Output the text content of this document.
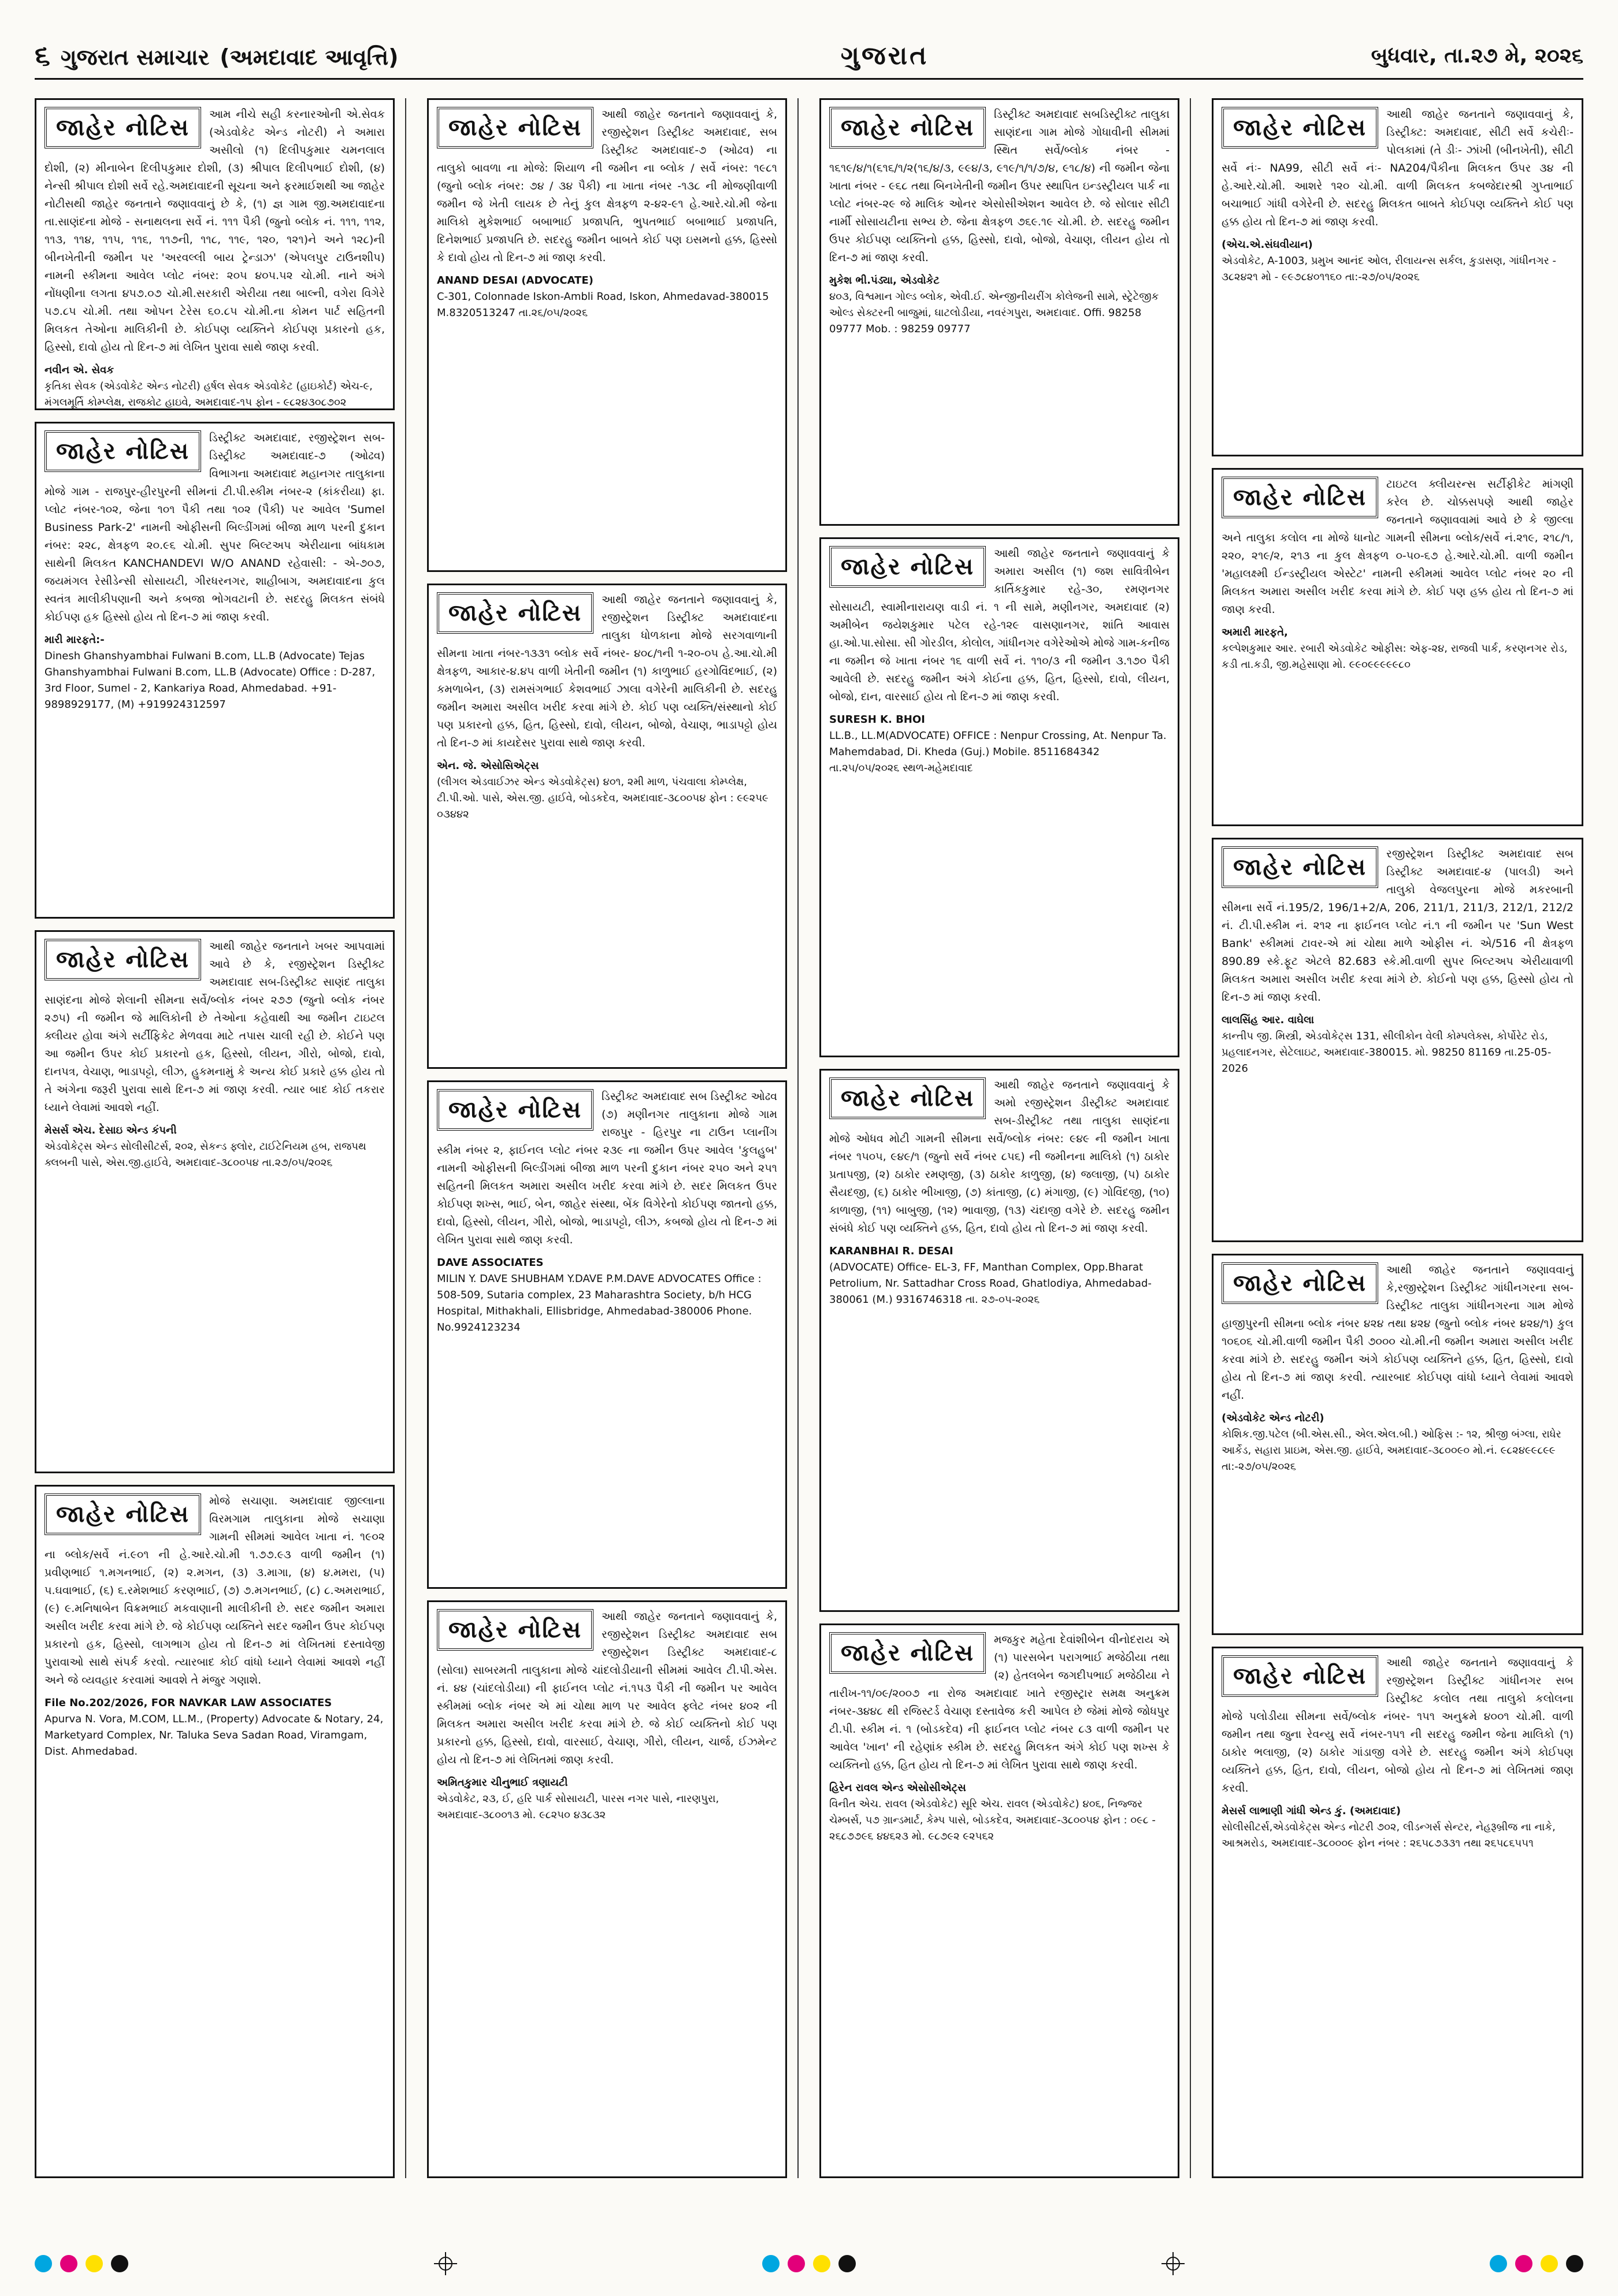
૬ ગુજરાત સમાચાર (અમદાવાદ આવૃત્તિ)	ગુજરાત	બુધવાર, તા.૨૭ મે, ૨૦૨૬
જાહેર નોટિસ	આમ નીચે સહી કરનારઓની એ.સેવક (એડવોકેટ એન્ડ નોટરી) ને અમારા અસીલો (૧) દિલીપકુમાર ચમનલાલ દોશી, (૨) મીનાબેન દિલીપકુમાર દોશી, (૩) શ્રીપાલ દિલીપભાઈ દોશી, (૪) નેન્સી શ્રીપાલ દોશી સર્વે રહે.અમદાવાદની સૂચના અને ફરમાઈશથી આ જાહેર નોટીસથી જાહેર જનતાને જણાવવાનું છે કે, (૧) જ્ઞ ગામ જી.અમદાવાદના તા.સાણંદના મોજે - સનાથલના સર્વે નં. ૧૧૧ પૈકી (જુનો બ્લોક નં. ૧૧૧, ૧૧૨, ૧૧૩, ૧૧૪, ૧૧૫, ૧૧૬, ૧૧૭ની, ૧૧૮, ૧૧૯, ૧૨૦, ૧૨૧)ને અને ૧૨૮)ની બીનખેતીની જમીન પર 'અરવલ્લી બાય ટ્રેન્ડાઝ' (એપલપુર ટાઉનશીપ) નામની સ્કીમના આવેલ પ્લોટ નંબર: ૨૦૫ ૪૦૫.૫૨ ચો.મી. નાને અંગે નોંધણીના લગતા ૪૫૭.૦૭ ચો.મી.સરકારી એરીયા તથા બાલ્ની, વગેરા વિગેરે ૫૭.૮૫ ચો.મી. તથા ઓપન ટેરેસ ૬૦.૮૫ ચો.મી.ના કોમન પાર્ટ સહિતની મિલકત તેઓના માલિકીની છે. કોઈપણ વ્યક્તિને કોઈપણ પ્રકારનો હક, હિસ્સો, દાવો હોય તો દિન-૭ માં લેખિત પુરાવા સાથે જાણ કરવી.
નવીન એ. સેવક
કૃતિકા સેવક (એડવોકેટ એન્ડ નોટરી) હર્ષલ સેવક એડવોકેટ (હાઇકોર્ટ) એચ-૯, મંગલમૂર્તિ કોમ્પ્લેક્ષ, રાજકોટ હાઇવે, અમદાવાદ-૧૫ ફોન - ૯૮૨૪૩૦૮૭૦૨
જાહેર નોટિસ	ડિસ્ટ્રીક્ટ અમદાવાદ, રજીસ્ટ્રેશન સબ-ડિસ્ટ્રીક્ટ અમદાવાદ-૭ (ઓઢવ) વિભાગના અમદાવાદ મહાનગર તાલુકાના મોજે ગામ - રાજપુર-હીરપુરની સીમનાં ટી.પી.સ્કીમ નંબર-૨ (કાંકરીયા) ફા. પ્લોટ નંબર-૧૦૨, જેના ૧૦૧ પૈકી તથા ૧૦૨ (પૈકી) પર આવેલ 'Sumel Business Park-2' નામની ઓફીસની બિલ્ડીંગમાં બીજા માળ પરની દુકાન નંબર: ૨૨૮, ક્ષેત્રફળ ૨૦.૯૬ ચો.મી. સુપર બિલ્ટઅપ એરીયાના બાંધકામ સાથેની મિલકત KANCHANDEVI W/O ANAND રહેવાસી: - એ-૭૦૭, જયમંગલ રેસીડેન્સી સોસાયટી, ગીરધરનગર, શાહીબાગ, અમદાવાદના કુલ સ્વતંત્ર માલીકીપણાની અને કબજા ભોગવટાની છે. સદરહુ મિલકત સંબંધે કોઈપણ હક હિસ્સો હોય તો દિન-૭ માં જાણ કરવી.
મારી મારફતે:-
Dinesh Ghanshyambhai Fulwani B.com, LL.B (Advocate) Tejas Ghanshyambhai Fulwani B.com, LL.B (Advocate) Office : D-287, 3rd Floor, Sumel - 2, Kankariya Road, Ahmedabad. +91-9898929177, (M) +919924312597
જાહેર નોટિસ	આથી જાહેર જનતાને ખબર આપવામાં આવે છે કે, રજીસ્ટ્રેશન ડિસ્ટ્રીક્ટ અમદાવાદ સબ-ડિસ્ટ્રીક્ટ સાણંદ તાલુકા સાણંદના મોજે શેલાની સીમના સર્વે/બ્લોક નંબર ૨૭૭ (જુનો બ્લોક નંબર ૨૭૫) ની જમીન જે માલિકોની છે તેઓના કહેવાથી આ જમીન ટાઇટલ ક્લીયર હોવા અંગે સર્ટીફિકેટ મેળવવા માટે તપાસ ચાલી રહી છે. કોઈને પણ આ જમીન ઉપર કોઈ પ્રકારનો હક, હિસ્સો, લીયન, ગીરો, બોજો, દાવો, દાનપત્ર, વેચાણ, ભાડાપટ્ટો, લીઝ, હુકમનામું કે અન્ય કોઈ પ્રકારે હક્ક હોય તો તે અંગેના જરૂરી પુરાવા સાથે દિન-૭ માં જાણ કરવી. ત્યાર બાદ કોઈ તકરાર ધ્યાને લેવામાં આવશે નહીં.
મેસર્સ એચ. દેસાઇ એન્ડ કંપની
એડવોકેટ્સ એન્ડ સોલીસીટર્સ, ૨૦૨, સેકન્ડ ફ્લોર, ટાઈટેનિયમ હબ, રાજપથ ક્લબની પાસે, એસ.જી.હાઈવે, અમદાવાદ-૩૮૦૦૫૪ તા.૨૭/૦૫/૨૦૨૬
જાહેર નોટિસ	મોજે સચાણા. અમદાવાદ જીલ્લાના વિરમગામ તાલુકાના મોજે સચાણા ગામની સીમમાં આવેલ ખાતા નં. ૧૯૦૨ ના બ્લોક/સર્વે નં.૯૦૧ ની હે.આરે.ચો.મી ૧.૭૭.૯૩ વાળી જમીન (૧) પ્રવીણભાઈ ૧.મગનભાઈ, (૨) ૨.મગન, (૩) ૩.માગા, (૪) ૪.મમરા, (૫) ૫.ઘવાભાઈ, (૬) ૬.રમેશભાઈ કરણભાઈ, (૭) ૭.મગનભાઈ, (૮) ૮.અમરાભાઈ, (૯) ૯.મનિષાબેન વિક્રમભાઈ મકવાણાની માલીકીની છે. સદર જમીન અમારા અસીલ ખરીદ કરવા માંગે છે. જે કોઈપણ વ્યક્તિને સદર જમીન ઉપર કોઈપણ પ્રકારનો હક, હિસ્સો, લાગભાગ હોય તો દિન-૭ માં લેખિતમાં દસ્તાવેજી પુરાવાઓ સાથે સંપર્ક કરવો. ત્યારબાદ કોઈ વાંધો ધ્યાને લેવામાં આવશે નહીં અને જે વ્યવહાર કરવામાં આવશે તે મંજુર ગણાશે.
File No.202/2026, FOR NAVKAR LAW ASSOCIATES
Apurva N. Vora, M.COM, LL.M., (Property) Advocate & Notary, 24, Marketyard Complex, Nr. Taluka Seva Sadan Road, Viramgam, Dist. Ahmedabad.
જાહેર નોટિસ	આથી જાહેર જનતાને જણાવવાનું કે, રજીસ્ટ્રેશન ડિસ્ટ્રીક્ટ અમદાવાદ, સબ ડિસ્ટ્રીક્ટ અમદાવાદ-૭ (ઓઢવ) ના તાલુકો બાવળા ના મોજે: શિયાળ ની જમીન ના બ્લોક / સર્વે નંબર: ૧૯૮૧ (જુનો બ્લોક નંબર: ૭૪ / ૩૪ પૈકી) ના ખાતા નંબર -૧૩૮ ની મોજણીવાળી જમીન જે ખેતી લાયક છે તેનું કુલ ક્ષેત્રફળ ૨-૪૨-૯૧ હે.આરે.ચો.મી જેના માલિકો મુકેશભાઈ બબાભાઈ પ્રજાપતિ, ભુપતભાઈ બબાભાઈ પ્રજાપતિ, દિનેશભાઈ પ્રજાપતિ છે. સદરહુ જમીન બાબતે કોઈ પણ ઇસમનો હક્ક, હિસ્સો કે દાવો હોય તો દિન-૭ માં જાણ કરવી.
ANAND DESAI (ADVOCATE)
C-301, Colonnade Iskon-Ambli Road, Iskon, Ahmedavad-380015 M.8320513247 તા.૨૬/૦૫/૨૦૨૬
જાહેર નોટિસ	આથી જાહેર જનતાને જણાવવાનું કે, રજીસ્ટ્રેશન ડિસ્ટ્રીક્ટ અમદાવાદના તાલુકા ધોળકાના મોજે સરગવાળાની સીમના ખાતા નંબર-૧૩૩૧ બ્લોક સર્વે નંબર- ૪૦૮/૧ની ૧-૨૦-૦૫ હે.આ.ચો.મી ક્ષેત્રફળ, આકાર-૪.૪૫ વાળી ખેતીની જમીન (૧) કાળુભાઈ હરગોવિંદભાઈ, (૨) કમળાબેન, (૩) રામસંગભાઈ કેશવભાઈ ઝાલા વગેરેની માલિકીની છે. સદરહુ જમીન અમારા અસીલ ખરીદ કરવા માંગે છે. કોઈ પણ વ્યક્તિ/સંસ્થાનો કોઈ પણ પ્રકારનો હક્ક, હિત, હિસ્સો, દાવો, લીયન, બોજો, વેચાણ, ભાડાપટ્ટો હોય તો દિન-૭ માં કાયદેસર પુરાવા સાથે જાણ કરવી.
એન. જે. એસોસિએટ્સ
(લીગલ એડવાઈઝર એન્ડ એડવોકેટ્સ) ૪૦૧, ૨મી માળ, પંચવાલા કોમ્પ્લેક્ષ, ટી.પી.ઓ. પાસે, એસ.જી. હાઈવે, બોડકદેવ, અમદાવાદ-૩૮૦૦૫૪ ફોન : ૯૯૨૫૯ ૦૩૪૪૨
જાહેર નોટિસ	ડિસ્ટ્રીક્ટ અમદાવાદ સબ ડિસ્ટ્રીક્ટ ઓઢવ (૭) મણીનગર તાલુકાના મોજે ગામ રાજપુર - હિરપુર ના ટાઉન પ્લાનીંગ સ્કીમ નંબર ૨, ફાઈનલ પ્લોટ નંબર ૨૩૯ ના જમીન ઉપર આવેલ 'કુલહુબ' નામની ઓફીસની બિલ્ડીંગમાં બીજા માળ પરની દુકાન નંબર ૨૫૦ અને ૨૫૧ સહિતની મિલકત અમારા અસીલ ખરીદ કરવા માંગે છે. સદર મિલકત ઉપર કોઈપણ શખ્સ, ભાઈ, બેન, જાહેર સંસ્થા, બેંક વિગેરેનો કોઈપણ જાતનો હક્ક, દાવો, હિસ્સો, લીયન, ગીરો, બોજો, ભાડાપટ્ટો, લીઝ, કબજો હોય તો દિન-૭ માં લેખિત પુરાવા સાથે જાણ કરવી.
DAVE ASSOCIATES
MILIN Y. DAVE SHUBHAM Y.DAVE P.M.DAVE ADVOCATES Office : 508-509, Sutaria complex, 23 Maharashtra Society, b/h HCG Hospital, Mithakhali, Ellisbridge, Ahmedabad-380006 Phone. No.9924123234
જાહેર નોટિસ	આથી જાહેર જનતાને જણાવવાનું કે, રજીસ્ટ્રેશન ડિસ્ટ્રીક્ટ અમદાવાદ સબ રજીસ્ટ્રેશન ડિસ્ટ્રીક્ટ અમદાવાદ-૮ (સોલા) સાબરમતી તાલુકાના મોજે ચાંદલોડીયાની સીમમાં આવેલ ટી.પી.એસ. નં. ૪૪ (ચાંદલોડીયા) ની ફાઈનલ પ્લોટ નં.૧૫૩ પૈકી ની જમીન પર આવેલ સ્કીમમાં બ્લોક નંબર એ માં ચોથા માળ પર આવેલ ફ્લેટ નંબર ૪૦૨ ની મિલકત અમારા અસીલ ખરીદ કરવા માંગે છે. જે કોઈ વ્યક્તિનો કોઈ પણ પ્રકારનો હક્ક, હિસ્સો, દાવો, વારસાઈ, વેચાણ, ગીરો, લીયન, ચાર્જ, ઈઝમેન્ટ હોય તો દિન-૭ માં લેખિતમાં જાણ કરવી.
અમિતકુમાર ચીનુભાઈ ત્રણાયટી
એડવોકેટ, ૨૩, ઈ, હરિ પાર્ક સોસાયટી, પારસ નગર પાસે, નારણપુરા, અમદાવાદ-૩૮૦૦૧૩ મો. ૯૮૨૫૦ ૪૩૮૩૨
જાહેર નોટિસ	ડિસ્ટ્રીક્ટ અમદાવાદ સબડિસ્ટ્રીક્ટ તાલુકા સાણંદના ગામ મોજે ગોધાવીની સીમમાં સ્થિત સર્વે/બ્લોક નંબર - ૧૬૧૯/૪/૧(૬૧૬/૧/૨(૧૬/૪/૩, ૯૯૪/૩, ૯૧૯/૧/૧/૭/૪, ૯૧૮/૪) ની જમીન જેના ખાતા નંબર - ૯૬૮ તથા બિનખેતીની જમીન ઉપર સ્થાપિત ઇન્ડસ્ટ્રીયલ પાર્ક ના પ્લોટ નંબર-૨૯ જે માલિક ઓનર એસોસીએશન આવેલ છે. જે સોલાર સીટી નાર્મી સોસાયટીના સભ્ય છે. જેના ક્ષેત્રફળ ૭૬૯.૧૯ ચો.મી. છે. સદરહુ જમીન ઉપર કોઈપણ વ્યક્તિનો હક્ક, હિસ્સો, દાવો, બોજો, વેચાણ, લીયન હોય તો દિન-૭ માં જાણ કરવી.
મુકેશ ભી.પંડ્યા, એડવોકેટ
૪૦૩, વિશ્વમાન ગોલ્ડ બ્લોક, એવી.ઈ. એન્જીનીયરીંગ કોલેજની સામે, સ્ટ્રેટેજીક ઓલ્ડ સેક્ટરની બાજુમાં, ઘાટલોડીયા, નવરંગપુરા, અમદાવાદ. Offi. 98258 09777 Mob. : 98259 09777
જાહેર નોટિસ	આથી જાહેર જનતાને જણાવવાનું કે અમારા અસીલ (૧) જશ સાવિત્રીબેન કાર્તિકકુમાર રહે-૩૦, રમણનગર સોસાયટી, સ્વામીનારાયણ વાડી નં. ૧ ની સામે, મણીનગર, અમદાવાદ (૨) અમીબેન જયેશકુમાર પટેલ રહે-૧૨૯ વાસણાનગર, શાંતિ આવાસ હા.ઓ.પા.સોસા. સી ગોરડીલ, કોલોલ, ગાંધીનગર વગેરેઓએ મોજે ગામ-કનીજ ના જમીન જે ખાતા નંબર ૧૬ વાળી સર્વે નં. ૧૧૦/૩ ની જમીન ૩.૧૭૦ પૈકી આવેલી છે. સદરહુ જમીન અંગે કોઈના હક્ક, હિત, હિસ્સો, દાવો, લીયન, બોજો, દાન, વારસાઈ હોય તો દિન-૭ માં જાણ કરવી.
SURESH K. BHOI
LL.B., LL.M(ADVOCATE) OFFICE : Nenpur Crossing, At. Nenpur Ta. Mahemdabad, Di. Kheda (Guj.) Mobile. 8511684342 તા.૨૫/૦૫/૨૦૨૬ સ્થળ-મહેમદાવાદ
જાહેર નોટિસ	આથી જાહેર જનતાને જણાવવાનું કે અમો રજીસ્ટ્રેશન ડીસ્ટ્રીક્ટ અમદાવાદ સબ-ડીસ્ટ્રીક્ટ તથા તાલુકા સાણંદના મોજે ઓધવ મોટી ગામની સીમના સર્વે/બ્લોક નંબર: ૯૪૯ ની જમીન ખાતા નંબર ૧૫૦૫, ૯૪૯/૧ (જુનો સર્વે નંબર ૮૫૬) ની જમીનના માલિકો (૧) ઠાકોર પ્રતાપજી, (૨) ઠાકોર રમણજી, (૩) ઠાકોર કાળુજી, (૪) જલાજી, (૫) ઠાકોર સૈયદજી, (૬) ઠાકોર ભીખાજી, (૭) કાંતાજી, (૮) મંગાજી, (૯) ગોવિંદજી, (૧૦) કાળાજી, (૧૧) બાબુજી, (૧૨) ભાવાજી, (૧૩) ચંદાજી વગેરે છે. સદરહુ જમીન સંબંધે કોઈ પણ વ્યક્તિને હક્ક, હિત, દાવો હોય તો દિન-૭ માં જાણ કરવી.
KARANBHAI R. DESAI
(ADVOCATE) Office- EL-3, FF, Manthan Complex, Opp.Bharat Petrolium, Nr. Sattadhar Cross Road, Ghatlodiya, Ahmedabad-380061 (M.) 9316746318 તા. ૨૭-૦૫-૨૦૨૬
જાહેર નોટિસ	મજકુર મહેતા દેવાંશીબેન વીનોદરાય એ (૧) પારસબેન પરાગભાઈ મજેઠીયા તથા (૨) હેતલબેન જગદીપભાઈ મજેઠીયા ને તારીખ-૧૧/૦૯/૨૦૦૭ ના રોજ અમદાવાદ ખાતે રજીસ્ટ્રાર સમક્ષ અનુક્રમ નંબર-૩૪૪૮ થી રજિસ્ટર્ડ વેચાણ દસ્તાવેજ કરી આપેલ છે જેમાં મોજે જોધપુર ટી.પી. સ્કીમ નં. ૧ (બોડકદેવ) ની ફાઈનલ પ્લોટ નંબર ૮૩ વાળી જમીન પર આવેલ 'ખાન' ની રહેણાંક સ્કીમ છે. સદરહુ મિલકત અંગે કોઈ પણ શખ્સ કે વ્યક્તિનો હક્ક, હિત હોય તો દિન-૭ માં લેખિત પુરાવા સાથે જાણ કરવી.
હિરેન રાવલ એન્ડ એસોસીએટ્સ
વિનીત એચ. રાવલ (એડવોકેટ) સૂરિ એચ. રાવલ (એડવોકેટ) ૪૦૬, નિજ્જર ચેમ્બર્સ, ૫૭ ગ્રાન્ડમાર્ટ, કેમ્પ પાસે, બોડકદેવ, અમદાવાદ-૩૮૦૦૫૪ ફોન : ૦૯૮ - ૨૬૮૭૭૯૬ ૪૪૬૨૩ મો. ૯૮૭૯૨ ૯૨૫૬૨
જાહેર નોટિસ	આથી જાહેર જનતાને જણાવવાનું કે, ડિસ્ટ્રીક્ટ: અમદાવાદ, સીટી સર્વે કચેરીઃ- પોલકામાં (તે ડીઃ- ઝાંખી (બીનખેતી), સીટી સર્વે નંઃ- NA99, સીટી સર્વે નંઃ- NA204/પૈકીના મિલકત ઉપર ૩૪ ની હે.આરે.ચો.મી. આશરે ૧૨૦ ચો.મી. વાળી મિલકત કબજેદારશ્રી ગુપ્તાભાઈ બચાભાઈ ગાંધી વગેરેની છે. સદરહુ મિલકત બાબતે કોઈપણ વ્યક્તિને કોઈ પણ હક્ક હોય તો દિન-૭ માં જાણ કરવી.
(એચ.એ.સંઘવીયાન)
એડવોકેટ, A-1003, પ્રમુખ આનંદ ઓલ, રીલાયન્સ સર્કલ, કુડાસણ, ગાંધીનગર - ૩૮૨૪૨૧ મો - ૯૯૭૮૪૦૧૧૬૦ તા:-૨૭/૦૫/૨૦૨૬
જાહેર નોટિસ	ટાઇટલ ક્લીયરન્સ સર્ટીફીકેટ માંગણી કરેલ છે. ચોક્કસપણે આથી જાહેર જનતાને જણાવવામાં આવે છે કે જીલ્લા અને તાલુકા કલોલ ના મોજે ધાનોટ ગામની સીમના બ્લોક/સર્વે નં.૨૧૯, ૨૧૮/૧, ૨૨૦, ૨૧૯/૨, ૨૧૩ ના કુલ ક્ષેત્રફળ ૦-૫૦-૬૭ હે.આરે.ચો.મી. વાળી જમીન 'મહાલક્ષ્મી ઈન્ડસ્ટ્રીયલ એસ્ટેટ' નામની સ્કીમમાં આવેલ પ્લોટ નંબર ૨૦ ની મિલકત અમારા અસીલ ખરીદ કરવા માંગે છે. કોઈ પણ હક્ક હોય તો દિન-૭ માં જાણ કરવી.
અમારી મારફતે,
કલ્પેશકુમાર આર. રબારી એડવોકેટ ઓફીસ: એફ-૨૪, રાજવી પાર્ક, કરણનગર રોડ, કડી તા.કડી, જી.મહેસાણા મો. ૯૯૦૯૯૯૯૯૮૦
જાહેર નોટિસ	રજીસ્ટ્રેશન ડિસ્ટ્રીક્ટ અમદાવાદ સબ ડિસ્ટ્રીક્ટ અમદાવાદ-૪ (પાલડી) અને તાલુકો વેજલપુરના મોજે મકરબાની સીમના સર્વે નં.195/2, 196/1+2/A, 206, 211/1, 211/3, 212/1, 212/2 નં. ટી.પી.સ્કીમ નં. ૨૧૨ ના ફાઈનલ પ્લોટ નં.૧ ની જમીન પર 'Sun West Bank' સ્કીમમાં ટાવર-એ માં ચોથા માળે ઓફીસ નં. એ/516 ની ક્ષેત્રફળ 890.89 સ્કે.ફૂટ એટલે 82.683 સ્કે.મી.વાળી સુપર બિલ્ટઅપ એરીયાવાળી મિલકત અમારા અસીલ ખરીદ કરવા માંગે છે. કોઈનો પણ હક્ક, હિસ્સો હોય તો દિન-૭ માં જાણ કરવી.
લાલસિંહ આર. વાઘેલા
કાન્તીપ જી. મિસ્ત્રી, એડવોકેટ્સ 131, સીલીકોન વેલી કોમ્પલેક્સ, કોર્પોરેટ રોડ, પ્રહલાદનગર, સેટેલાઇટ, અમદાવાદ-380015. મો. 98250 81169 તા.25-05-2026
જાહેર નોટિસ	આથી જાહેર જનતાને જણાવવાનું કે,રજીસ્ટ્રેશન ડિસ્ટ્રીક્ટ ગાંધીનગરના સબ-ડિસ્ટ્રીક્ટ તાલુકા ગાંધીનગરના ગામ મોજે હાજીપુરની સીમના બ્લોક નંબર ૪૨૪ તથા ૪૨૪ (જુનો બ્લોક નંબર ૪૨૪/૧) કુલ ૧૦૬૦૬ ચો.મી.વાળી જમીન પૈકી ૭૦૦૦ ચો.મી.ની જમીન અમારા અસીલ ખરીદ કરવા માંગે છે. સદરહુ જમીન અંગે કોઈપણ વ્યક્તિને હક્ક, હિત, હિસ્સો, દાવો હોય તો દિન-૭ માં જાણ કરવી. ત્યારબાદ કોઈપણ વાંધો ધ્યાને લેવામાં આવશે નહીં.
(એડવોકેટ એન્ડ નોટરી)
કોશિક.જી.પટેલ (બી.એસ.સી., એલ.એલ.બી.) ઓફિસ :- ૧૨, શ્રીજી બંગ્લા, રાધેર આર્કેડ, સહારા પ્રાઇમ, એસ.જી. હાઈવે, અમદાવાદ-૩૮૦૦૯૦ મો.નં. ૯૮૨૪૯૯૮૯૯ તા:-૨૭/૦૫/૨૦૨૬
જાહેર નોટિસ	આથી જાહેર જનતાને જણાવવાનું કે રજીસ્ટ્રેશન ડિસ્ટ્રીક્ટ ગાંધીનગર સબ ડિસ્ટ્રીક્ટ કલોલ તથા તાલુકો કલોલના મોજે પલોડીયા સીમના સર્વે/બ્લોક નંબર- ૧૫૧ અનુક્રમે ૪૦૦૧ ચો.મી. વાળી જમીન તથા જુના રેવન્યુ સર્વે નંબર-૧૫૧ ની સદરહુ જમીન જેના માલિકો (૧) ઠાકોર ભલાજી, (૨) ઠાકોર ગાંડાજી વગેરે છે. સદરહુ જમીન અંગે કોઈપણ વ્યક્તિને હક્ક, હિત, દાવો, લીયન, બોજો હોય તો દિન-૭ માં લેખિતમાં જાણ કરવી.
મેસર્સ લાભાણી ગાંધી એન્ડ કું. (અમદાવાદ)
સોલીસીટર્સ,એડવોકેટ્સ એન્ડ નોટરી ૭૦૨, લીડન્ગર્સ સેન્ટર, નેહરૂબ્રીજ ના નાકે, આશ્રમરોડ, અમદાવાદ-૩૮૦૦૦૯ ફોન નંબર : ૨૬૫૮૭૩૩૧ તથા ૨૬૫૮૬૫૫૧
